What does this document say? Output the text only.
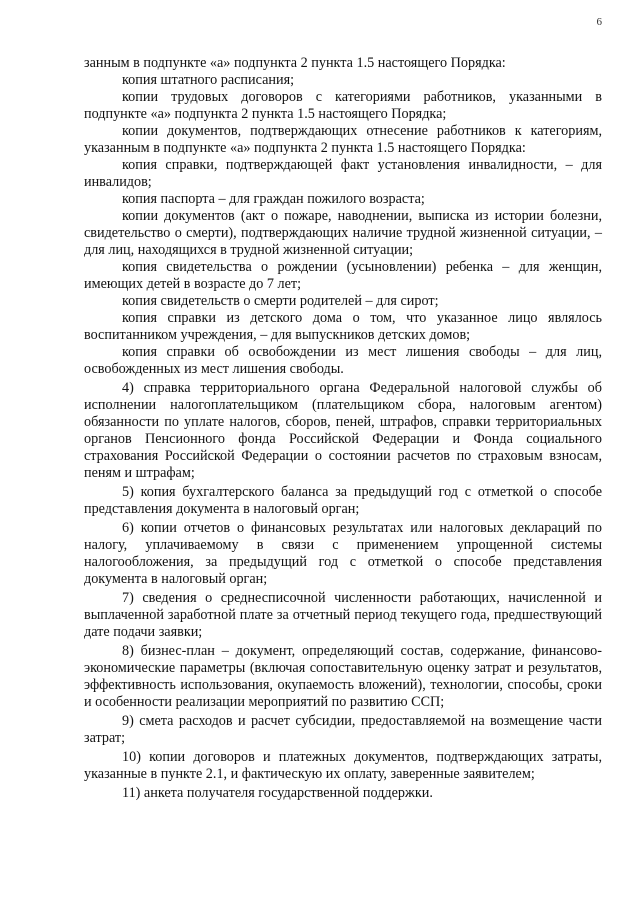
6

занным в подпункте «а» подпункта 2 пункта 1.5 настоящего Порядка:

копия штатного расписания;

копии трудовых договоров с категориями работников, указанными в подпункте «а» подпункта 2 пункта 1.5 настоящего Порядка;

копии документов, подтверждающих отнесение работников к категориям, указанным в подпункте «а» подпункта 2 пункта 1.5 настоящего Порядка:

копия справки, подтверждающей факт установления инвалидности, – для инвалидов;

копия паспорта – для граждан пожилого возраста;

копии документов (акт о пожаре, наводнении, выписка из истории болезни, свидетельство о смерти), подтверждающих наличие трудной жизненной ситуации, – для лиц, находящихся в трудной жизненной ситуации;

копия свидетельства о рождении (усыновлении) ребенка – для женщин, имеющих детей в возрасте до 7 лет;

копия свидетельств о смерти родителей – для сирот;

копия справки из детского дома о том, что указанное лицо являлось воспитанником учреждения, – для выпускников детских домов;

копия справки об освобождении из мест лишения свободы – для лиц, освобожденных из мест лишения свободы.

4) справка территориального органа Федеральной налоговой службы об исполнении налогоплательщиком (плательщиком сбора, налоговым агентом) обязанности по уплате налогов, сборов, пеней, штрафов, справки территориальных органов Пенсионного фонда Российской Федерации и Фонда социального страхования Российской Федерации о состоянии расчетов по страховым взносам, пеням и штрафам;

5) копия бухгалтерского баланса за предыдущий год с отметкой о способе представления документа в налоговый орган;

6) копии отчетов о финансовых результатах или налоговых деклараций по налогу, уплачиваемому в связи с применением упрощенной системы налогообложения, за предыдущий год с отметкой о способе представления документа в налоговый орган;

7) сведения о среднесписочной численности работающих, начисленной и выплаченной заработной плате за отчетный период текущего года, предшествующий дате подачи заявки;

8) бизнес-план – документ, определяющий состав, содержание, финансово-экономические параметры (включая сопоставительную оценку затрат и результатов, эффективность использования, окупаемость вложений), технологии, способы, сроки и особенности реализации мероприятий по развитию ССП;

9) смета расходов и расчет субсидии, предоставляемой на возмещение части затрат;

10) копии договоров и платежных документов, подтверждающих затраты, указанные в пункте 2.1, и фактическую их оплату, заверенные заявителем;

11) анкета получателя государственной поддержки.
